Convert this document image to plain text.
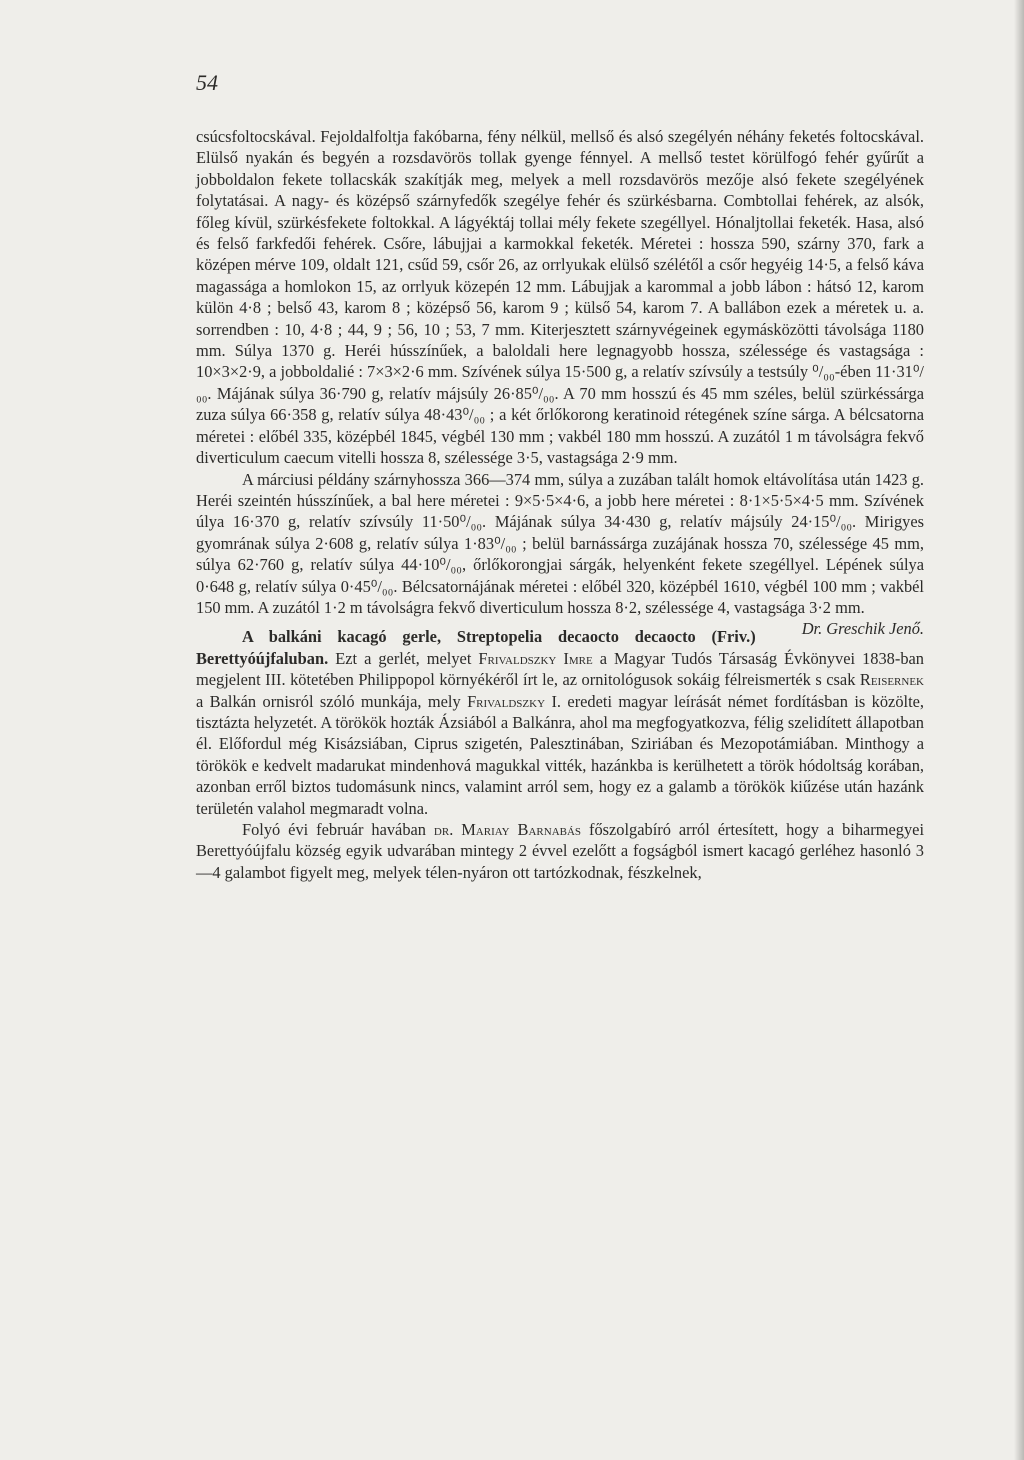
54

csúcsfoltocskával. Fejoldalfoltja fakóbarna, fény nélkül, mellső és alsó szegélyén néhány feketés foltocskával. Elülső nyakán és begyén a rozsdavörös tollak gyenge fénnyel. A mellső testet körülfogó fehér gyűrűt a jobboldalon fekete tollacskák szakítják meg, melyek a mell rozsdavörös mezője alsó fekete szegélyének folytatásai. A nagy- és középső szárnyfedők szegélye fehér és szürkésbarna. Combtollai fehérek, az alsók, főleg kívül, szürkésfekete foltokkal. A lágyéktáj tollai mély fekete szegéllyel. Hónaljtollai feketék. Hasa, alsó és felső farkfedői fehérek. Csőre, lábujjai a karmokkal feketék. Méretei : hossza 590, szárny 370, fark a középen mérve 109, oldalt 121, csűd 59, csőr 26, az orrlyukak elülső szélétől a csőr hegyéig 14·5, a felső káva magassága a homlokon 15, az orrlyuk közepén 12 mm. Lábujjak a karommal a jobb lábon : hátsó 12, karom külön 4·8 ; belső 43, karom 8 ; középső 56, karom 9 ; külső 54, karom 7. A ballábon ezek a méretek u. a. sorrendben : 10, 4·8 ; 44, 9 ; 56, 10 ; 53, 7 mm. Kiterjesztett szárnyvégeinek egymásközötti távolsága 1180 mm. Súlya 1370 g. Heréi hússzínűek, a baloldali here legnagyobb hossza, szélessége és vastagsága : 10×3×2·9, a jobboldalié : 7×3×2·6 mm. Szívének súlya 15·500 g, a relatív szívsúly a testsúly ⁰/₀₀-ében 11·31⁰/₀₀. Májának súlya 36·790 g, relatív májsúly 26·85⁰/₀₀. A 70 mm hosszú és 45 mm széles, belül szürkéssárga zuza súlya 66·358 g, relatív súlya 48·43⁰/₀₀ ; a két őrlőkorong keratinoid rétegének színe sárga. A bélcsatorna méretei : előbél 335, középbél 1845, végbél 130 mm ; vakbél 180 mm hosszú. A zuzától 1 m távolságra fekvő diverticulum caecum vitelli hossza 8, szélessége 3·5, vastagsága 2·9 mm.

A márciusi példány szárnyhossza 366—374 mm, súlya a zuzában talált homok eltávolítása után 1423 g. Heréi szeintén hússzínűek, a bal here méretei : 9×5·5×4·6, a jobb here méretei : 8·1×5·5×4·5 mm. Szívének úlya 16·370 g, relatív szívsúly 11·50⁰/₀₀. Májának súlya 34·430 g, relatív májsúly 24·15⁰/₀₀. Mirigyes gyomrának súlya 2·608 g, relatív súlya 1·83⁰/₀₀ ; belül barnássárga zuzájának hossza 70, szélessége 45 mm, súlya 62·760 g, relatív súlya 44·10⁰/₀₀, őrlőkorongjai sárgák, helyenként fekete szegéllyel. Lépének súlya 0·648 g, relatív súlya 0·45⁰/₀₀. Bélcsatornájának méretei : előbél 320, középbél 1610, végbél 100 mm ; vakbél 150 mm. A zuzától 1·2 m távolságra fekvő diverticulum hossza 8·2, szélessége 4, vastagsága 3·2 mm.
Dr. Greschik Jenő.

A balkáni kacagó gerle, Streptopelia decaocto decaocto (Friv.) Berettyóújfaluban. Ezt a gerlét, melyet Frivaldszky Imre a Magyar Tudós Társaság Évkönyvei 1838-ban megjelent III. kötetében Philippopol környékéről írt le, az ornitológusok sokáig félreismerték s csak Reisernek a Balkán ornisról szóló munkája, mely Frivaldszky I. eredeti magyar leírását német fordításban is közölte, tisztázta helyzetét. A törökök hozták Ázsiából a Balkánra, ahol ma megfogyatkozva, félig szelidített állapotban él. Előfordul még Kisázsiában, Ciprus szigetén, Palesztinában, Sziriában és Mezopotámiában. Minthogy a törökök e kedvelt madarukat mindenhová magukkal vitték, hazánkba is kerülhetett a török hódoltság korában, azonban erről biztos tudomásunk nincs, valamint arról sem, hogy ez a galamb a törökök kiűzése után hazánk területén valahol megmaradt volna.

Folyó évi február havában dr. Mariay Barnabás főszolgabíró arról értesített, hogy a biharmegyei Berettyóújfalu község egyik udvarában mintegy 2 évvel ezelőtt a fogságból ismert kacagó gerléhez hasonló 3—4 galambot figyelt meg, melyek télen-nyáron ott tartózkodnak, fészkelnek,
